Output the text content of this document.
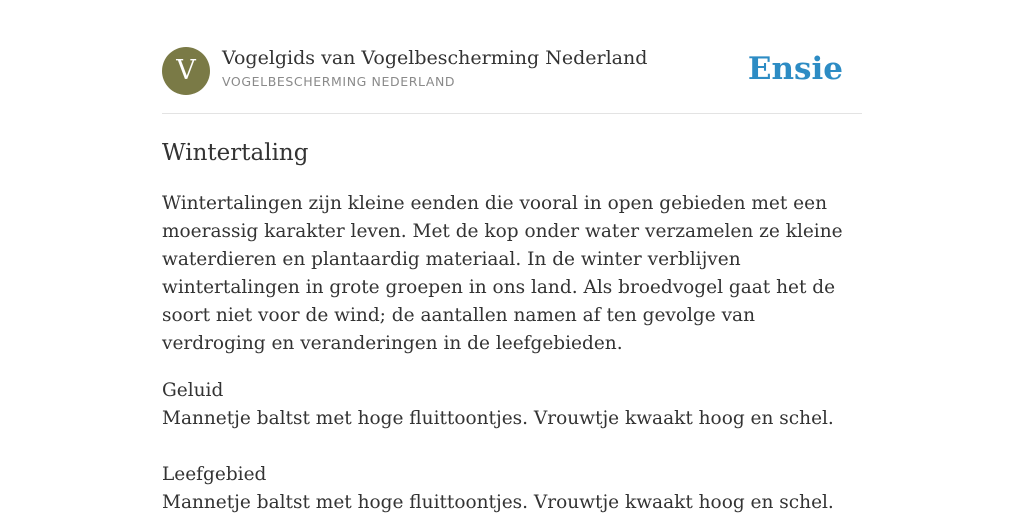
V	Vogelgids van Vogelbescherming Nederland
VOGELBESCHERMING NEDERLAND	Ensie
Wintertaling

Wintertalingen zijn kleine eenden die vooral in open gebieden met een moerassig karakter leven. Met de kop onder water verzamelen ze kleine waterdieren en plantaardig materiaal. In de winter verblijven wintertalingen in grote groepen in ons land. Als broedvogel gaat het de soort niet voor de wind; de aantallen namen af ten gevolge van verdroging en veranderingen in de leefgebieden.

Geluid
Mannetje baltst met hoge fluittoontjes. Vrouwtje kwaakt hoog en schel.
Leefgebied
Mannetje baltst met hoge fluittoontjes. Vrouwtje kwaakt hoog en schel.
